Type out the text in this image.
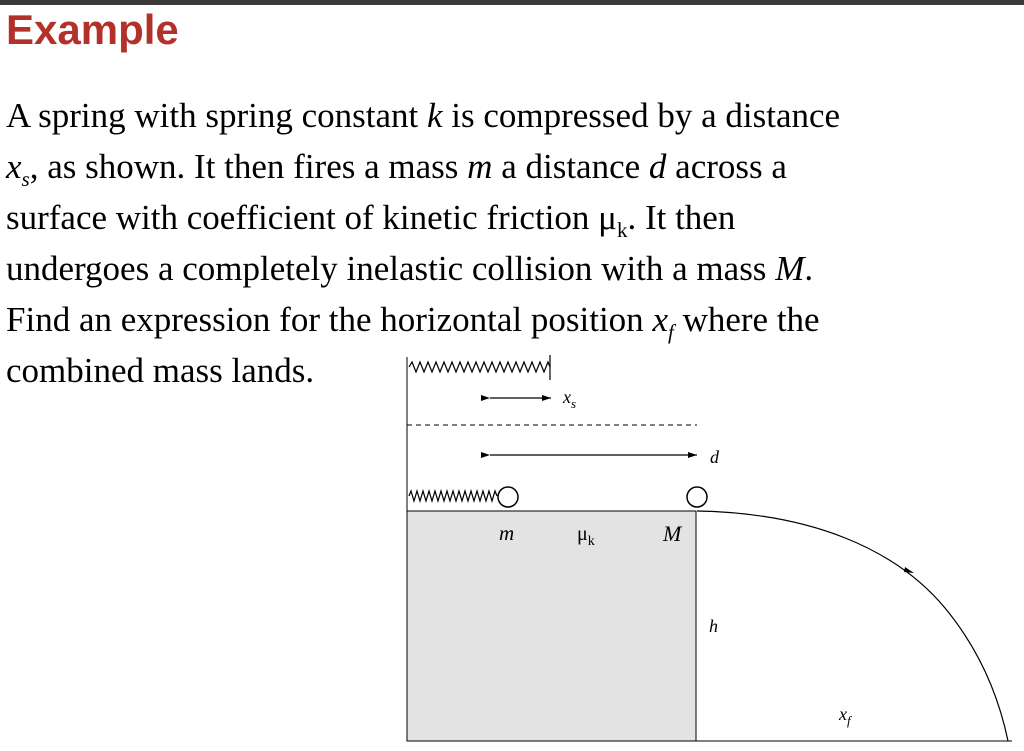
Example
A spring with spring constant k is compressed by a distance
$x_s$, as shown. It then fires a mass m a distance d across a
surface with coefficient of kinetic friction $\mu_k$. It then
undergoes a completely inelastic collision with a mass M.
Find an expression for the horizontal position $x_f$ where the
combined mass lands.
$x_s$
d
m	$\mu_k$	M
h
$x_f$
